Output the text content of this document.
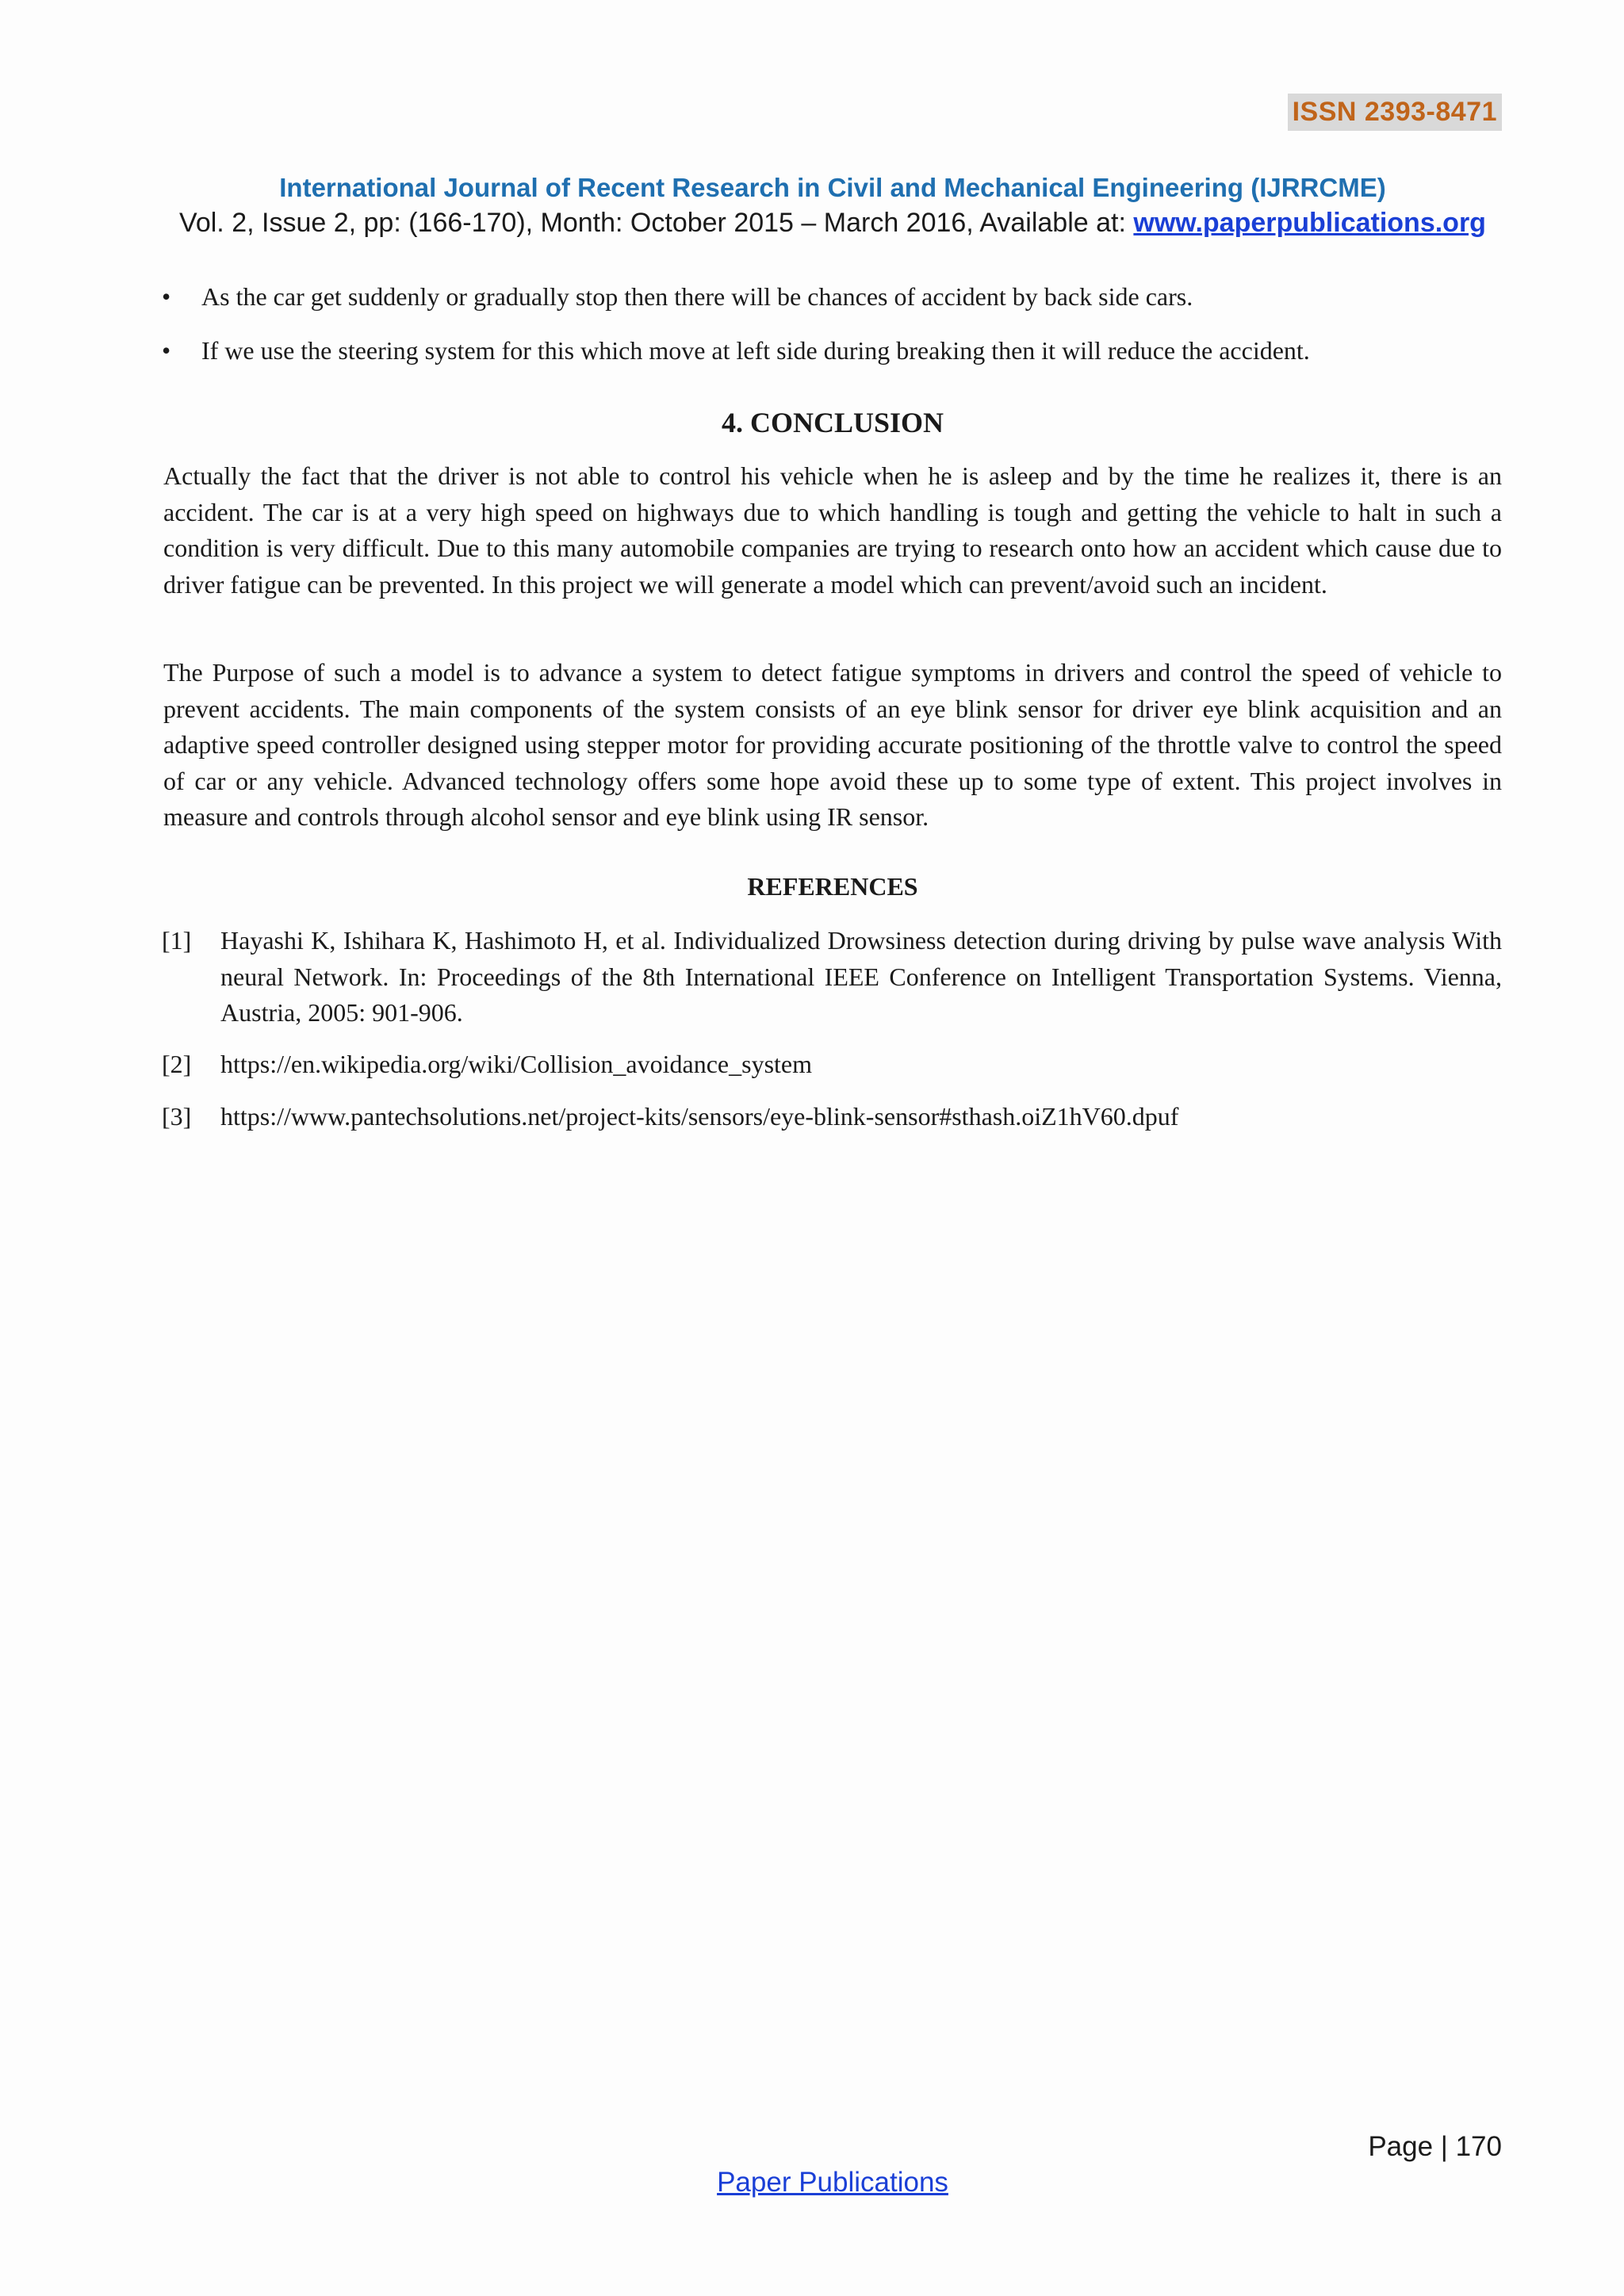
ISSN 2393-8471
International Journal of Recent Research in Civil and Mechanical Engineering (IJRRCME)
Vol. 2, Issue 2, pp: (166-170), Month: October 2015 – March 2016, Available at: www.paperpublications.org
•	As the car get suddenly or gradually stop then there will be chances of accident by back side cars.
•	If we use the steering system for this which move at left side during breaking then it will reduce the accident.
4. CONCLUSION

Actually the fact that the driver is not able to control his vehicle when he is asleep and by the time he realizes it, there is an accident. The car is at a very high speed on highways due to which handling is tough and getting the vehicle to halt in such a condition is very difficult. Due to this many automobile companies are trying to research onto how an accident which cause due to driver fatigue can be prevented. In this project we will generate a model which can prevent/avoid such an incident.

The Purpose of such a model is to advance a system to detect fatigue symptoms in drivers and control the speed of vehicle to prevent accidents. The main components of the system consists of an eye blink sensor for driver eye blink acquisition and an adaptive speed controller designed using stepper motor for providing accurate positioning of the throttle valve to control the speed of car or any vehicle. Advanced technology offers some hope avoid these up to some type of extent. This project involves in measure and controls through alcohol sensor and eye blink using IR sensor.

REFERENCES
[1] Hayashi K, Ishihara K, Hashimoto H, et al. Individualized Drowsiness detection during driving by pulse wave analysis With neural Network. In: Proceedings of the 8th International IEEE Conference on Intelligent Transportation Systems. Vienna, Austria, 2005: 901-906.
[2] https://en.wikipedia.org/wiki/Collision_avoidance_system
[3] https://www.pantechsolutions.net/project-kits/sensors/eye-blink-sensor#sthash.oiZ1hV60.dpuf
Page | 170
Paper Publications
